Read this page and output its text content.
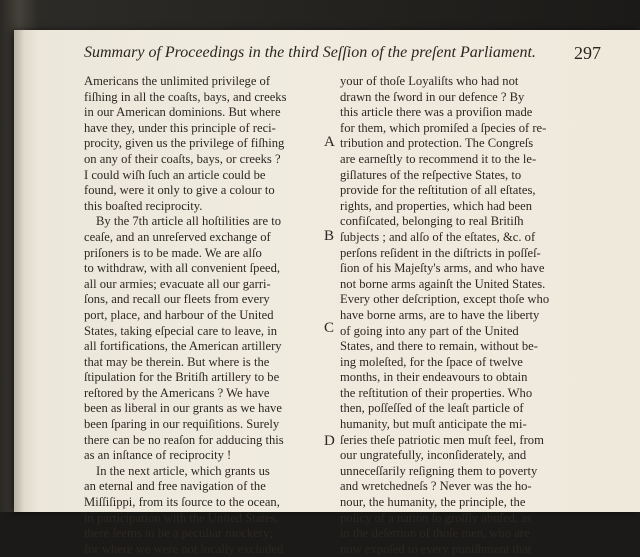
Summary of Proceedings in the third Seſſion of the preſent Parliament.	297
Americans the unlimited privilege of
fiſhing in all the coaſts, bays, and creeks
in our American dominions. But where
have they, under this principle of reci-
procity, given us the privilege of fiſhing
on any of their coaſts, bays, or creeks ?
I could wiſh ſuch an article could be
found, were it only to give a colour to
this boaſted reciprocity.
By the 7th article all hoſtilities are to
ceaſe, and an unreſerved exchange of
priſoners is to be made. We are alſo
to withdraw, with all convenient ſpeed,
all our armies; evacuate all our garri-
ſons, and recall our fleets from every
port, place, and harbour of the United
States, taking eſpecial care to leave, in
all fortifications, the American artillery
that may be therein. But where is the
ſtipulation for the Britiſh artillery to be
reſtored by the Americans ? We have
been as liberal in our grants as we have
been ſparing in our requiſitions. Surely
there can be no reaſon for adducing this
as an inſtance of reciprocity !
In the next article, which grants us
an eternal and free navigation of the
Miſſiſippi, from its ſource to the ocean,
in participation with the United States,
there ſeems to be a peculiar mockery;
for where we were not locally excluded
A
B
C
D
your of thoſe Loyaliſts who had not
drawn the ſword in our defence ? By
this article there was a proviſion made
for them, which promiſed a ſpecies of re-
tribution and protection. The Congreſs
are earneſtly to recommend it to the le-
giſlatures of the reſpective States, to
provide for the reſtitution of all eſtates,
rights, and properties, which had been
confiſcated, belonging to real Britiſh
ſubjects ; and alſo of the eſtates, &c. of
perſons reſident in the diſtricts in poſſeſ-
ſion of his Majeſty's arms, and who have
not borne arms againſt the United States.
Every other deſcription, except thoſe who
have borne arms, are to have the liberty
of going into any part of the United
States, and there to remain, without be-
ing moleſted, for the ſpace of twelve
months, in their endeavours to obtain
the reſtitution of their properties. Who
then, poſſeſſed of the leaſt particle of
humanity, but muſt anticipate the mi-
ſeries theſe patriotic men muſt feel, from
our ungratefully, inconſiderately, and
unneceſſarily reſigning them to poverty
and wretchedneſs ? Never was the ho-
nour, the humanity, the principle, the
policy of a nation ſo groſſly abuſed, as
in the deſertion of thoſe men, who are
now expoſed to every puniſhment that
